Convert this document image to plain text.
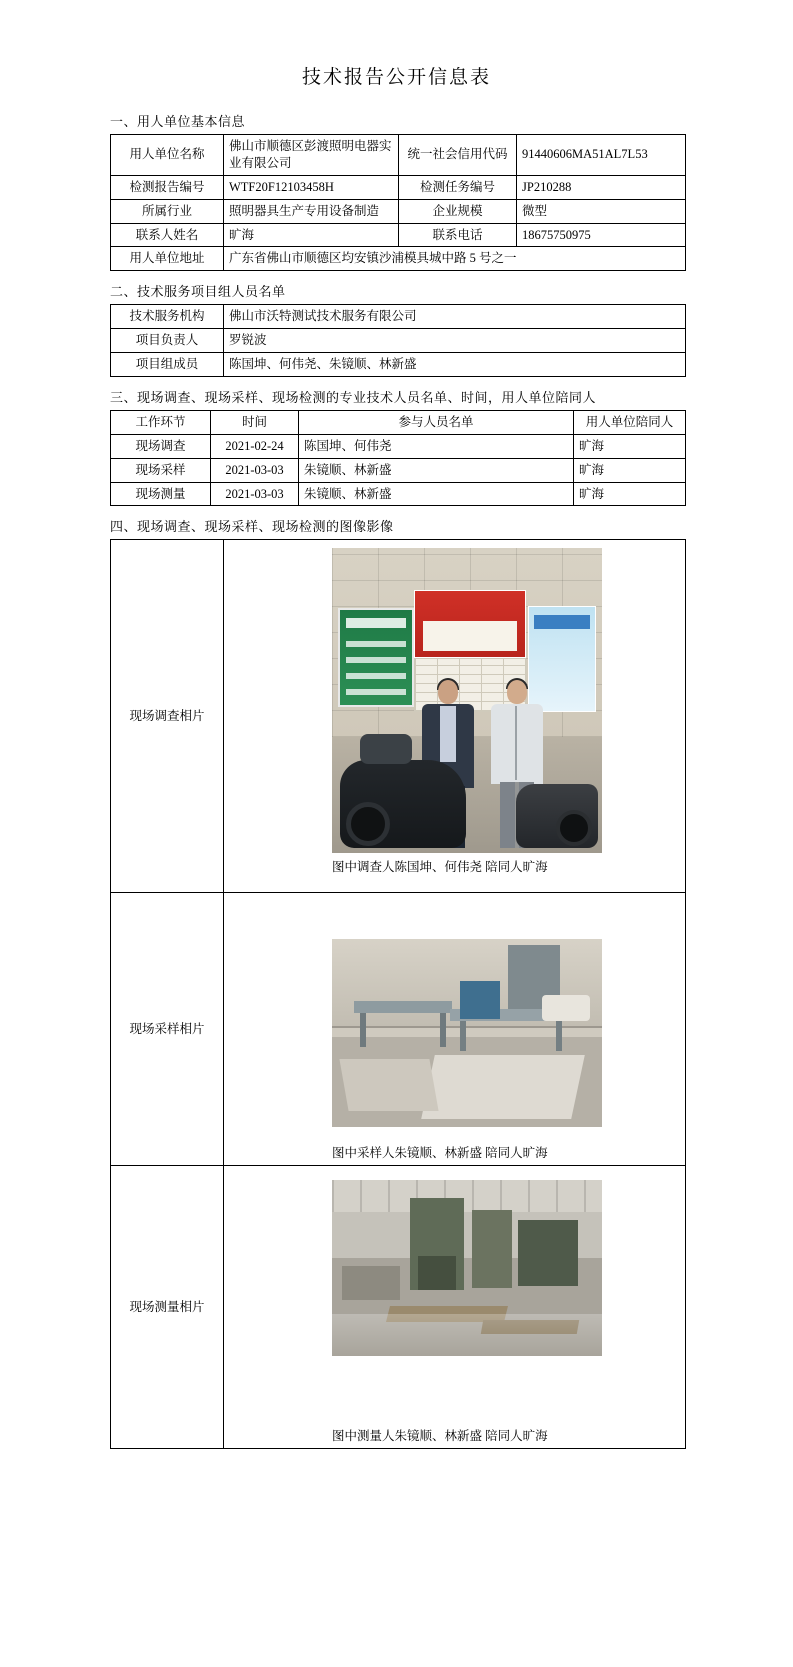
技术报告公开信息表
一、用人单位基本信息
用人单位名称	佛山市顺德区彭渡照明电器实业有限公司	统一社会信用代码	91440606MA51AL7L53
检测报告编号	WTF20F12103458H	检测任务编号	JP210288
所属行业	照明器具生产专用设备制造	企业规模	微型
联系人姓名	旷海	联系电话	18675750975
用人单位地址	广东省佛山市顺德区均安镇沙浦模具城中路 5 号之一		
二、技术服务项目组人员名单
技术服务机构	佛山市沃特测试技术服务有限公司
项目负责人	罗锐波
项目组成员	陈国坤、何伟尧、朱镜顺、林新盛
三、现场调查、现场采样、现场检测的专业技术人员名单、时间，用人单位陪同人
工作环节	时间	参与人员名单	用人单位陪同人
现场调查	2021-02-24	陈国坤、何伟尧	旷海
现场采样	2021-03-03	朱镜顺、林新盛	旷海
现场测量	2021-03-03	朱镜顺、林新盛	旷海
四、现场调查、现场采样、现场检测的图像影像
现场调查相片	图中调查人陈国坤、何伟尧 陪同人旷海

现场采样相片	图中采样人朱镜顺、林新盛 陪同人旷海

现场测量相片	图中测量人朱镜顺、林新盛 陪同人旷海
